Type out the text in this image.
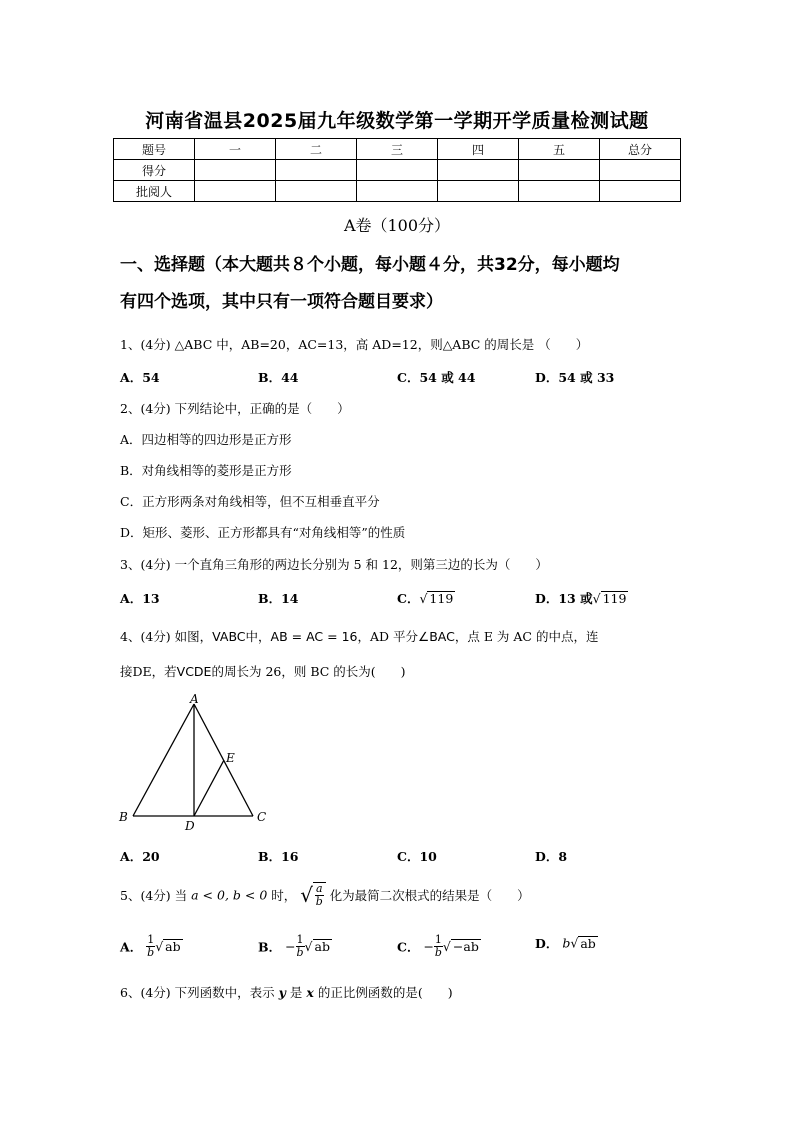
河南省温县2025届九年级数学第一学期开学质量检测试题
题号	一	二	三	四	五	总分
得分						
批阅人						
A卷（100分）
一、选择题（本大题共８个小题，每小题４分，共32分，每小题均
有四个选项，其中只有一项符合题目要求）
1、(4分) △ABC 中，AB=20，AC=13，高 AD=12，则△ABC 的周长是 （　　）
A．54	B．44	C．54 或 44	D．54 或 33
2、(4分) 下列结论中，正确的是（　　）
A．四边相等的四边形是正方形
B．对角线相等的菱形是正方形
C．正方形两条对角线相等，但不互相垂直平分
D．矩形、菱形、正方形都具有“对角线相等”的性质
3、(4分) 一个直角三角形的两边长分别为 5 和 12，则第三边的长为（　　）
A．13	B．14	C．√ 119	D．13 或√ 119
4、(4分) 如图，VABC中，AB = AC = 16，AD 平分∠BAC，点 E 为 AC 的中点，连
接DE，若VCDE的周长为 26，则 BC 的长为(　　)
A
B	C
D
E
A．20	B．16	C．10	D．8
5、(4分) 当 a < 0, b < 0 时， √ $\frac{a}{b}$ 化为最简二次根式的结果是（　　）
A． $\frac{1}{b}$ √ ab	B． − $\frac{1}{b}$ √ ab	C． − $\frac{1}{b}$ √ −ab	D． b√ ab
6、(4分) 下列函数中，表示 y 是 x 的正比例函数的是(　　)
